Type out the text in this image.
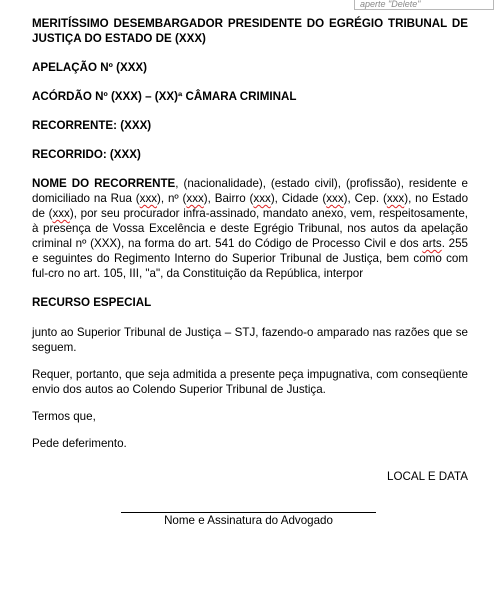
aperte "Delete"
MERITÍSSIMO DESEMBARGADOR PRESIDENTE DO EGRÉGIO TRIBUNAL DE JUSTIÇA DO ESTADO DE (XXX)
APELAÇÃO Nº (XXX)
ACÓRDÃO Nº (XXX) – (XX)ª CÂMARA CRIMINAL
RECORRENTE: (XXX)
RECORRIDO: (XXX)
NOME DO RECORRENTE, (nacionalidade), (estado civil), (profissão), residente e domiciliado na Rua (xxx), nº (xxx), Bairro (xxx), Cidade (xxx), Cep. (xxx), no Estado de (xxx), por seu procurador infra-assinado, mandato anexo, vem, respeitosamente, à presença de Vossa Excelência e deste Egrégio Tribunal, nos autos da apelação criminal nº (XXX), na forma do art. 541 do Código de Processo Civil e dos arts. 255 e seguintes do Regimento Interno do Superior Tribunal de Justiça, bem como com ful-cro no art. 105, III, "a", da Constituição da República, interpor
RECURSO ESPECIAL
junto ao Superior Tribunal de Justiça – STJ, fazendo-o amparado nas razões que se seguem.
Requer, portanto, que seja admitida a presente peça impugnativa, com conseqüente envio dos autos ao Colendo Superior Tribunal de Justiça.
Termos que,
Pede deferimento.
LOCAL E DATA
Nome e Assinatura do Advogado
